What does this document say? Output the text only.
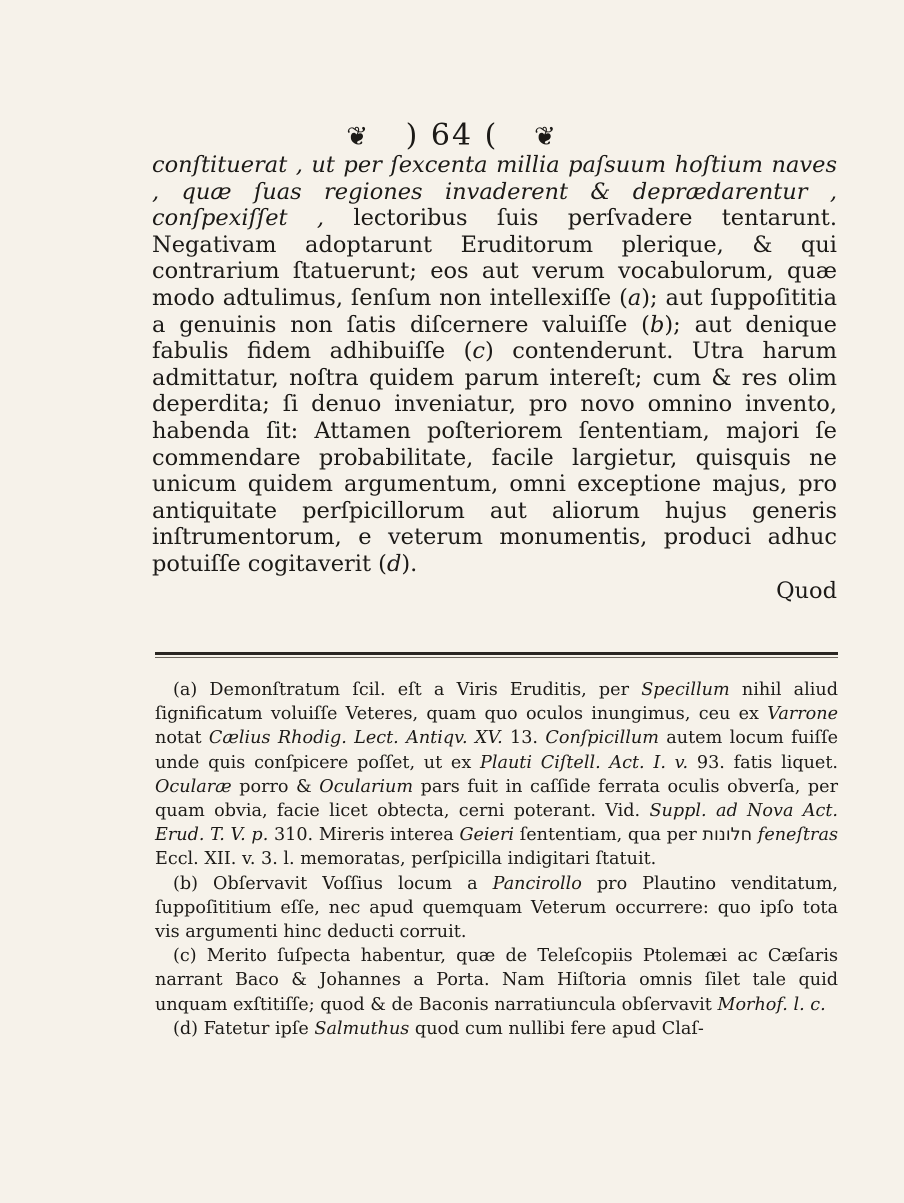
❦ ) 64 ( ❦

conſtituerat , ut per ſexcenta millia paſsuum hoſtium naves , quæ ſuas regiones invaderent & deprædarentur , conſpexiſſet , lectoribus ſuis perſvadere tentarunt. Negativam adoptarunt Eruditorum plerique, & qui contrarium ſtatuerunt; eos aut verum vocabulorum, quæ modo adtulimus, ſenſum non intellexiſſe (a); aut ſuppoſititia a genuinis non ſatis diſcernere valuiſſe (b); aut denique fabulis fidem adhibuiſſe (c) contenderunt. Utra harum admittatur, noſtra quidem parum intereſt; cum & res olim deperdita; ſi denuo inveniatur, pro novo omnino invento, habenda ſit: Attamen poſteriorem ſententiam, majori ſe commendare probabilitate, facile largietur, quisquis ne unicum quidem argumentum, omni exceptione majus, pro antiquitate perſpicillorum aut aliorum hujus generis inſtrumentorum, e veterum monumentis, produci adhuc potuiſſe cogitaverit (d).

Quod

(a) Demonſtratum ſcil. eſt a Viris Eruditis, per Specillum nihil aliud ſignificatum voluiſſe Veteres, quam quo oculos inungimus, ceu ex Varrone notat Cælius Rhodig. Lect. Antiqv. XV. 13. Conſpicillum autem locum fuiſſe unde quis conſpicere poſſet, ut ex Plauti Ciſtell. Act. I. v. 93. fatis liquet. Ocularæ porro & Ocularium pars fuit in caſſide ferrata oculis obverſa, per quam obvia, facie licet obtecta, cerni poterant. Vid. Suppl. ad Nova Act. Erud. T. V. p. 310. Mireris interea Geieri ſententiam, qua per חלונות feneſtras Eccl. XII. v. 3. l. memoratas, perſpicilla indigitari ſtatuit.

(b) Obſervavit Voſſius locum a Pancirollo pro Plautino venditatum, ſuppoſititium eſſe, nec apud quemquam Veterum occurrere: quo ipſo tota vis argumenti hinc deducti corruit.

(c) Merito ſuſpecta habentur, quæ de Teleſcopiis Ptolemæi ac Cæſaris narrant Baco & Johannes a Porta. Nam Hiſtoria omnis ſilet tale quid unquam exſtitiſſe; quod & de Baconis narratiuncula obſervavit Morhof. l. c.

(d) Fatetur ipſe Salmuthus quod cum nullibi fere apud Claſ-
